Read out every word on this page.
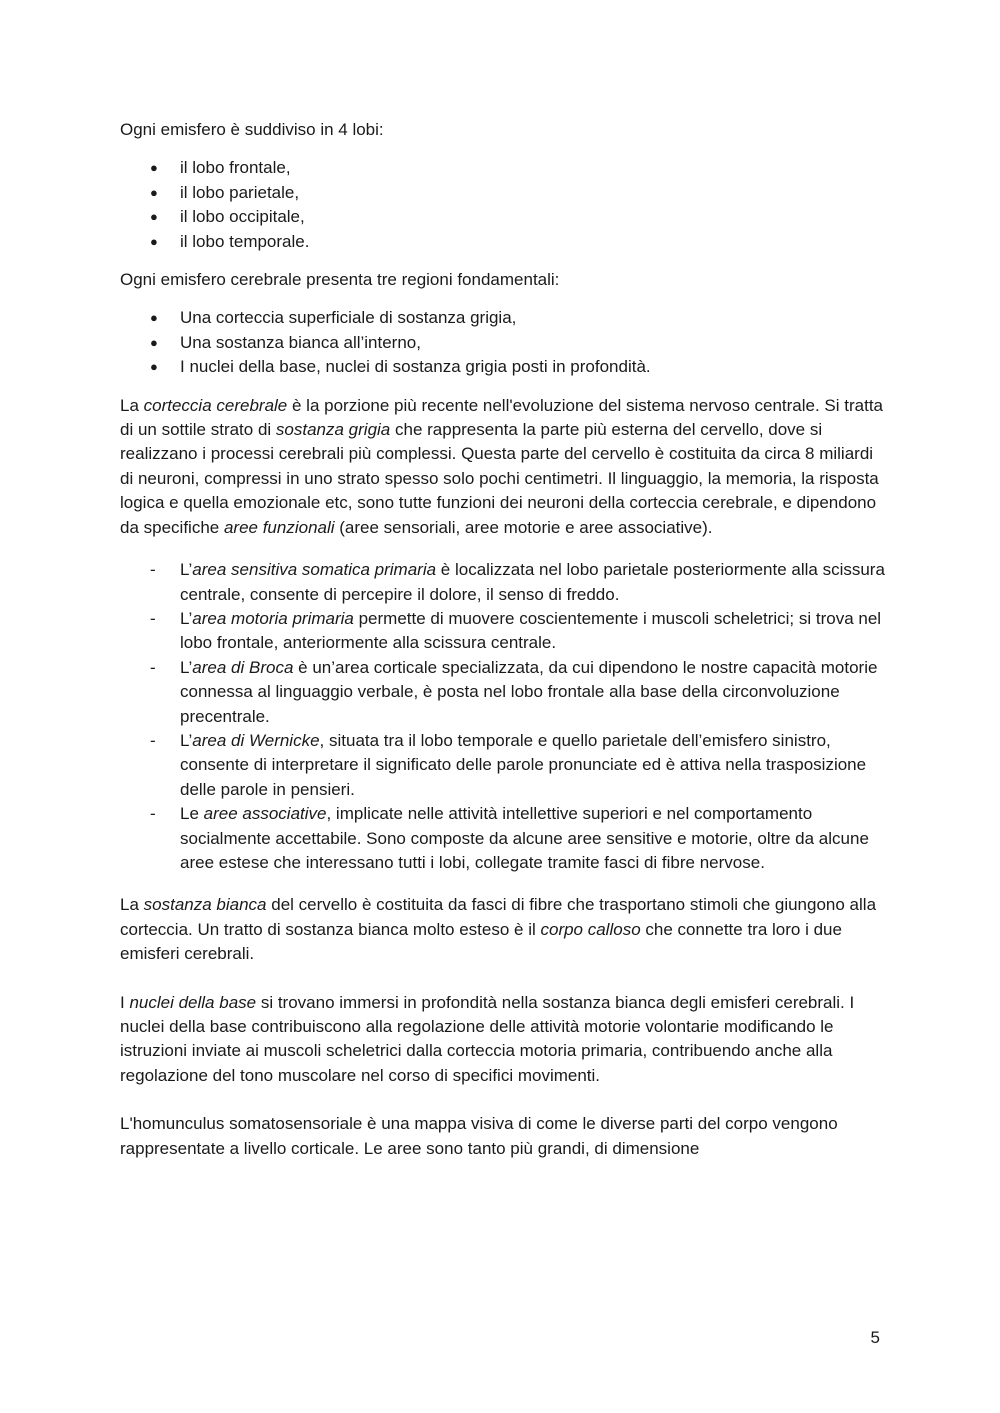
Ogni emisfero è suddiviso in 4 lobi:

● il lobo frontale,
● il lobo parietale,
● il lobo occipitale,
● il lobo temporale.

Ogni emisfero cerebrale presenta tre regioni fondamentali:

● Una corteccia superficiale di sostanza grigia,
● Una sostanza bianca all’interno,
● I nuclei della base, nuclei di sostanza grigia posti in profondità.

La corteccia cerebrale è la porzione più recente nell'evoluzione del sistema nervoso centrale. Si tratta di un sottile strato di sostanza grigia che rappresenta la parte più esterna del cervello, dove si realizzano i processi cerebrali più complessi. Questa parte del cervello è costituita da circa 8 miliardi di neuroni, compressi in uno strato spesso solo pochi centimetri. Il linguaggio, la memoria, la risposta logica e quella emozionale etc, sono tutte funzioni dei neuroni della corteccia cerebrale, e dipendono da specifiche aree funzionali (aree sensoriali, aree motorie e aree associative).

- L’area sensitiva somatica primaria è localizzata nel lobo parietale posteriormente alla scissura centrale, consente di percepire il dolore, il senso di freddo.
- L’area motoria primaria permette di muovere coscientemente i muscoli scheletrici; si trova nel lobo frontale, anteriormente alla scissura centrale.
- L’area di Broca è un’area corticale specializzata, da cui dipendono le nostre capacità motorie connessa al linguaggio verbale, è posta nel lobo frontale alla base della circonvoluzione precentrale.
- L’area di Wernicke, situata tra il lobo temporale e quello parietale dell’emisfero sinistro, consente di interpretare il significato delle parole pronunciate ed è attiva nella trasposizione delle parole in pensieri.
- Le aree associative, implicate nelle attività intellettive superiori e nel comportamento socialmente accettabile. Sono composte da alcune aree sensitive e motorie, oltre da alcune aree estese che interessano tutti i lobi, collegate tramite fasci di fibre nervose.

La sostanza bianca del cervello è costituita da fasci di fibre che trasportano stimoli che giungono alla corteccia. Un tratto di sostanza bianca molto esteso è il corpo calloso che connette tra loro i due emisferi cerebrali.

I nuclei della base si trovano immersi in profondità nella sostanza bianca degli emisferi cerebrali. I nuclei della base contribuiscono alla regolazione delle attività motorie volontarie modificando le istruzioni inviate ai muscoli scheletrici dalla corteccia motoria primaria, contribuendo anche alla regolazione del tono muscolare nel corso di specifici movimenti.

L'homunculus somatosensoriale è una mappa visiva di come le diverse parti del corpo vengono rappresentate a livello corticale. Le aree sono tanto più grandi, di dimensione

5
